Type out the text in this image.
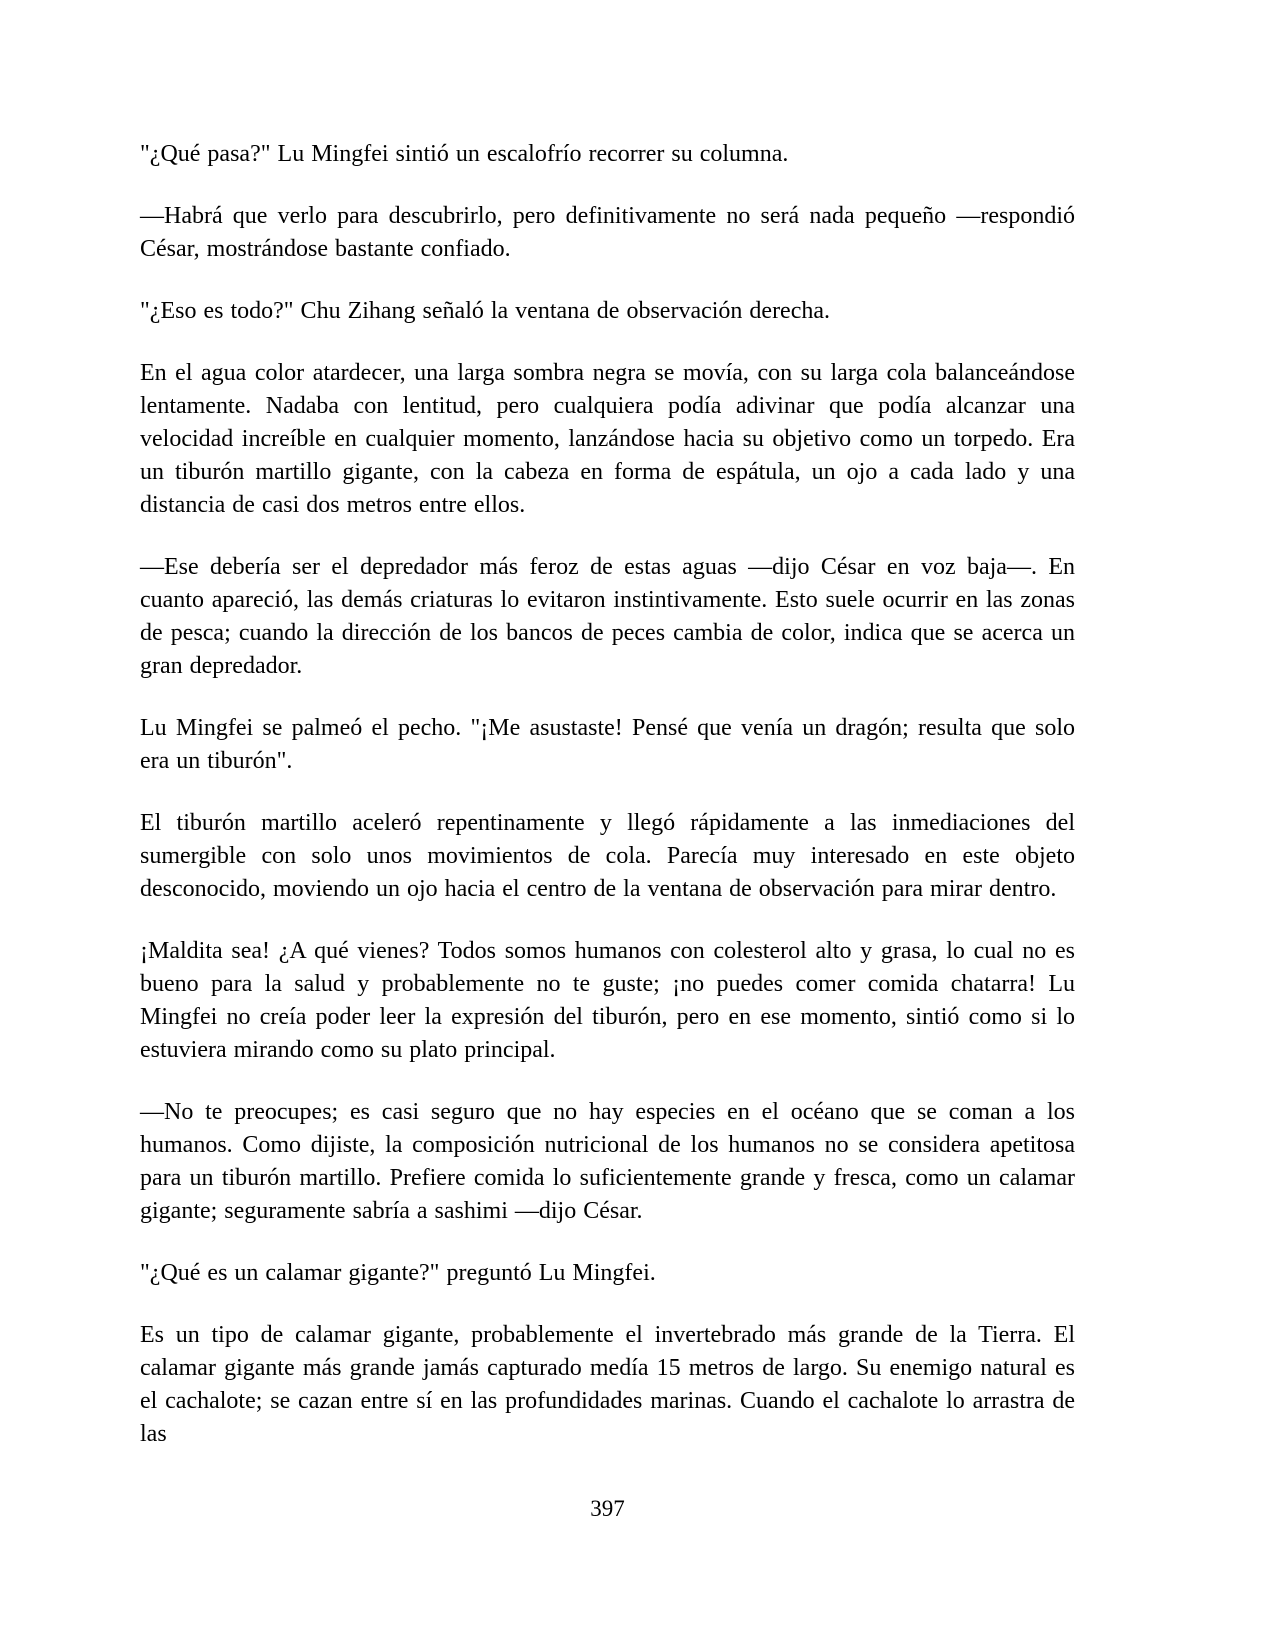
"¿Qué pasa?" Lu Mingfei sintió un escalofrío recorrer su columna.

—Habrá que verlo para descubrirlo, pero definitivamente no será nada pequeño —respondió César, mostrándose bastante confiado.

"¿Eso es todo?" Chu Zihang señaló la ventana de observación derecha.

En el agua color atardecer, una larga sombra negra se movía, con su larga cola balanceándose lentamente. Nadaba con lentitud, pero cualquiera podía adivinar que podía alcanzar una velocidad increíble en cualquier momento, lanzándose hacia su objetivo como un torpedo. Era un tiburón martillo gigante, con la cabeza en forma de espátula, un ojo a cada lado y una distancia de casi dos metros entre ellos.

—Ese debería ser el depredador más feroz de estas aguas —dijo César en voz baja—. En cuanto apareció, las demás criaturas lo evitaron instintivamente. Esto suele ocurrir en las zonas de pesca; cuando la dirección de los bancos de peces cambia de color, indica que se acerca un gran depredador.

Lu Mingfei se palmeó el pecho. "¡Me asustaste! Pensé que venía un dragón; resulta que solo era un tiburón".

El tiburón martillo aceleró repentinamente y llegó rápidamente a las inmediaciones del sumergible con solo unos movimientos de cola. Parecía muy interesado en este objeto desconocido, moviendo un ojo hacia el centro de la ventana de observación para mirar dentro.

¡Maldita sea! ¿A qué vienes? Todos somos humanos con colesterol alto y grasa, lo cual no es bueno para la salud y probablemente no te guste; ¡no puedes comer comida chatarra! Lu Mingfei no creía poder leer la expresión del tiburón, pero en ese momento, sintió como si lo estuviera mirando como su plato principal.

—No te preocupes; es casi seguro que no hay especies en el océano que se coman a los humanos. Como dijiste, la composición nutricional de los humanos no se considera apetitosa para un tiburón martillo. Prefiere comida lo suficientemente grande y fresca, como un calamar gigante; seguramente sabría a sashimi —dijo César.

"¿Qué es un calamar gigante?" preguntó Lu Mingfei.

Es un tipo de calamar gigante, probablemente el invertebrado más grande de la Tierra. El calamar gigante más grande jamás capturado medía 15 metros de largo. Su enemigo natural es el cachalote; se cazan entre sí en las profundidades marinas. Cuando el cachalote lo arrastra de las

397
